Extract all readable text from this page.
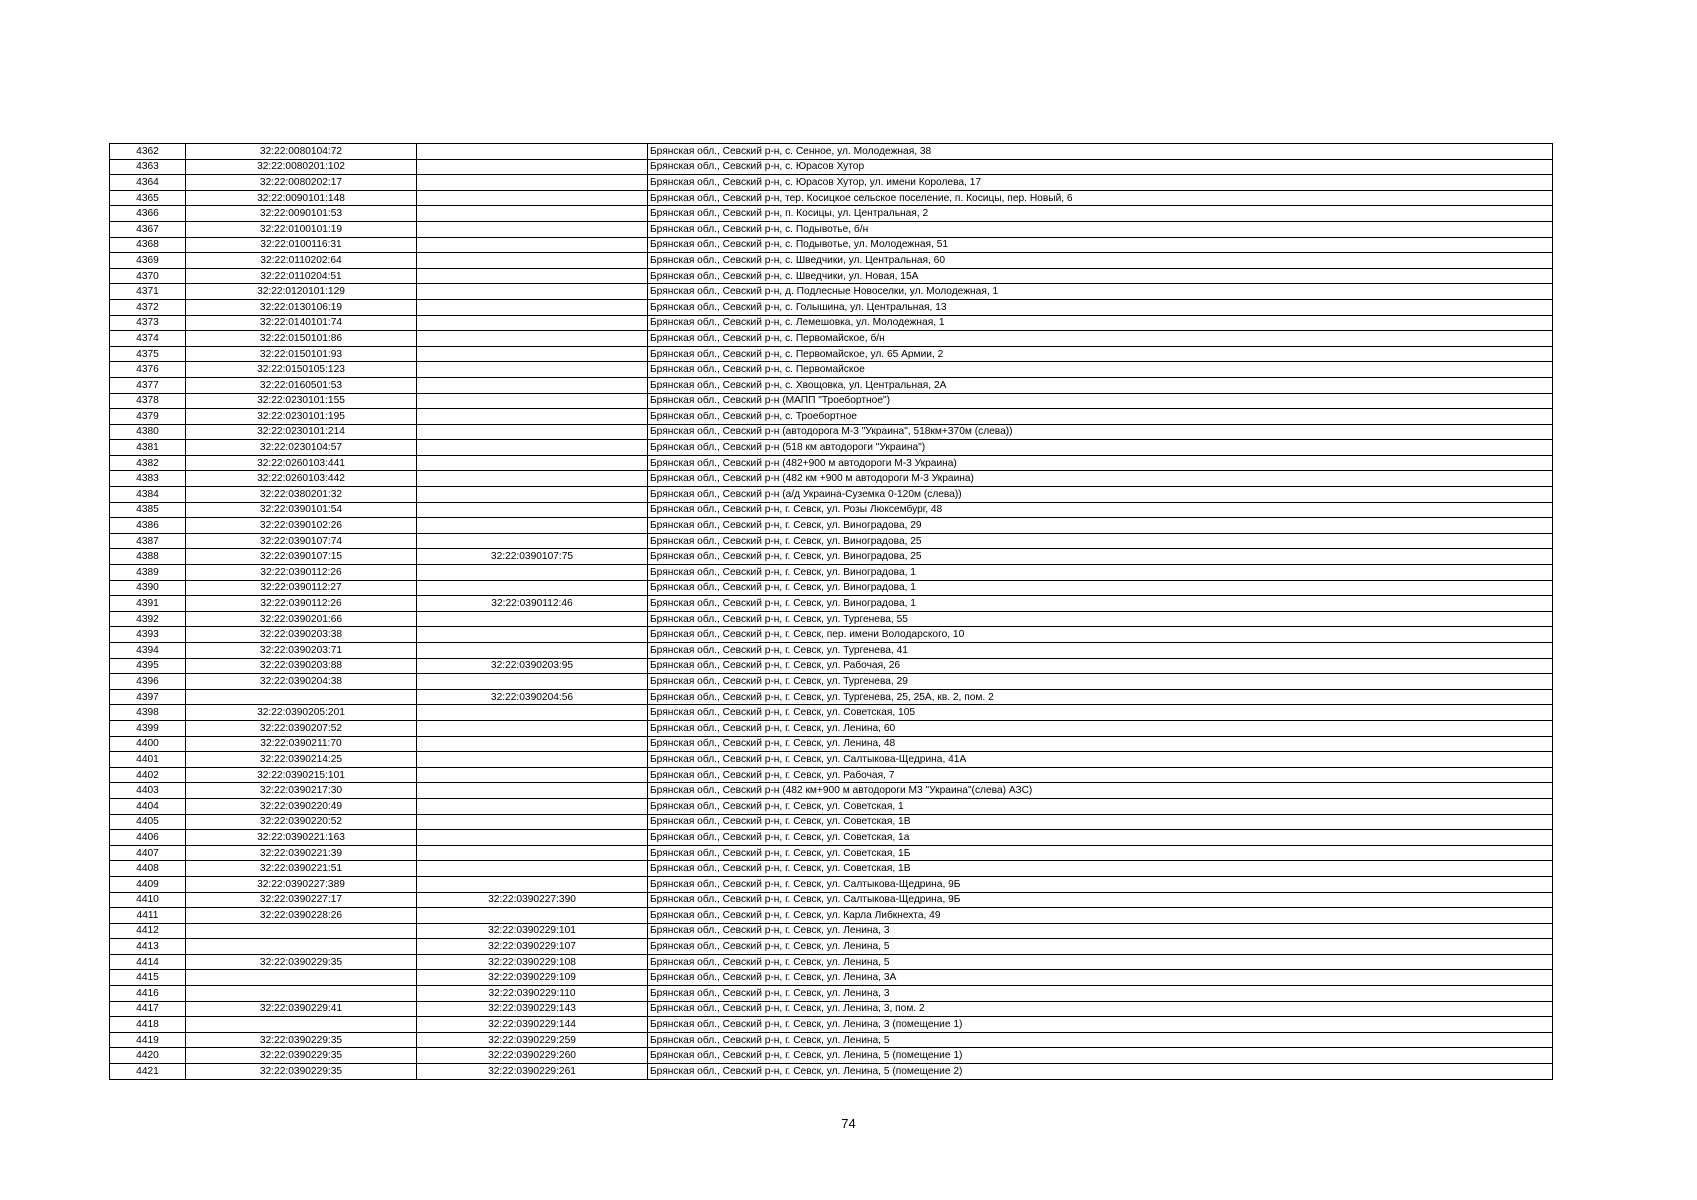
4362	32:22:0080104:72		Брянская обл., Севский р-н, с. Сенное, ул. Молодежная, 38
4363	32:22:0080201:102		Брянская обл., Севский р-н, с. Юрасов Хутор
4364	32:22:0080202:17		Брянская обл., Севский р-н, с. Юрасов Хутор, ул. имени Королева, 17
4365	32:22:0090101:148		Брянская обл., Севский р-н, тер. Косицкое сельское поселение, п. Косицы, пер. Новый, 6
4366	32:22:0090101:53		Брянская обл., Севский р-н, п. Косицы, ул. Центральная, 2
4367	32:22:0100101:19		Брянская обл., Севский р-н, с. Подывотье, б/н
4368	32:22:0100116:31		Брянская обл., Севский р-н, с. Подывотье, ул. Молодежная, 51
4369	32:22:0110202:64		Брянская обл., Севский р-н, с. Шведчики, ул. Центральная, 60
4370	32:22:0110204:51		Брянская обл., Севский р-н, с. Шведчики, ул. Новая, 15А
4371	32:22:0120101:129		Брянская обл., Севский р-н, д. Подлесные Новоселки, ул. Молодежная, 1
4372	32:22:0130106:19		Брянская обл., Севский р-н, с. Голышина, ул. Центральная, 13
4373	32:22:0140101:74		Брянская обл., Севский р-н, с. Лемешовка, ул. Молодежная, 1
4374	32:22:0150101:86		Брянская обл., Севский р-н, с. Первомайское, б/н
4375	32:22:0150101:93		Брянская обл., Севский р-н, с. Первомайское, ул. 65 Армии, 2
4376	32:22:0150105:123		Брянская обл., Севский р-н, с. Первомайское
4377	32:22:0160501:53		Брянская обл., Севский р-н, с. Хвощовка, ул. Центральная, 2А
4378	32:22:0230101:155		Брянская обл., Севский р-н (МАПП "Троебортное")
4379	32:22:0230101:195		Брянская обл., Севский р-н, с. Троебортное
4380	32:22:0230101:214		Брянская обл., Севский р-н (автодорога М-3 "Украина", 518км+370м (слева))
4381	32:22:0230104:57		Брянская обл., Севский р-н (518 км автодороги "Украина")
4382	32:22:0260103:441		Брянская обл., Севский р-н (482+900 м автодороги М-3 Украина)
4383	32:22:0260103:442		Брянская обл., Севский р-н (482 км +900 м автодороги М-3 Украина)
4384	32:22:0380201:32		Брянская обл., Севский р-н (а/д Украина-Суземка 0-120м (слева))
4385	32:22:0390101:54		Брянская обл., Севский р-н, г. Севск, ул. Розы Люксембург, 48
4386	32:22:0390102:26		Брянская обл., Севский р-н, г. Севск, ул. Виноградова, 29
4387	32:22:0390107:74		Брянская обл., Севский р-н, г. Севск, ул. Виноградова, 25
4388	32:22:0390107:15	32:22:0390107:75	Брянская обл., Севский р-н, г. Севск, ул. Виноградова, 25
4389	32:22:0390112:26		Брянская обл., Севский р-н, г. Севск, ул. Виноградова, 1
4390	32:22:0390112:27		Брянская обл., Севский р-н, г. Севск, ул. Виноградова, 1
4391	32:22:0390112:26	32:22:0390112:46	Брянская обл., Севский р-н, г. Севск, ул. Виноградова, 1
4392	32:22:0390201:66		Брянская обл., Севский р-н, г. Севск, ул. Тургенева, 55
4393	32:22:0390203:38		Брянская обл., Севский р-н, г. Севск, пер. имени Володарского, 10
4394	32:22:0390203:71		Брянская обл., Севский р-н, г. Севск, ул. Тургенева, 41
4395	32:22:0390203:88	32:22:0390203:95	Брянская обл., Севский р-н, г. Севск, ул. Рабочая, 26
4396	32:22:0390204:38		Брянская обл., Севский р-н, г. Севск, ул. Тургенева, 29
4397		32:22:0390204:56	Брянская обл., Севский р-н, г. Севск, ул. Тургенева, 25, 25А, кв. 2, пом. 2
4398	32:22:0390205:201		Брянская обл., Севский р-н, г. Севск, ул. Советская, 105
4399	32:22:0390207:52		Брянская обл., Севский р-н, г. Севск, ул. Ленина, 60
4400	32:22:0390211:70		Брянская обл., Севский р-н, г. Севск, ул. Ленина, 48
4401	32:22:0390214:25		Брянская обл., Севский р-н, г. Севск, ул. Салтыкова-Щедрина, 41А
4402	32:22:0390215:101		Брянская обл., Севский р-н, г. Севск, ул. Рабочая, 7
4403	32:22:0390217:30		Брянская обл., Севский р-н (482 км+900 м автодороги М3 "Украина"(слева) АЗС)
4404	32:22:0390220:49		Брянская обл., Севский р-н, г. Севск, ул. Советская, 1
4405	32:22:0390220:52		Брянская обл., Севский р-н, г. Севск, ул. Советская, 1В
4406	32:22:0390221:163		Брянская обл., Севский р-н, г. Севск, ул. Советская, 1а
4407	32:22:0390221:39		Брянская обл., Севский р-н, г. Севск, ул. Советская, 1Б
4408	32:22:0390221:51		Брянская обл., Севский р-н, г. Севск, ул. Советская, 1В
4409	32:22:0390227:389		Брянская обл., Севский р-н, г. Севск, ул. Салтыкова-Щедрина, 9Б
4410	32:22:0390227:17	32:22:0390227:390	Брянская обл., Севский р-н, г. Севск, ул. Салтыкова-Щедрина, 9Б
4411	32:22:0390228:26		Брянская обл., Севский р-н, г. Севск, ул. Карла Либкнехта, 49
4412		32:22:0390229:101	Брянская обл., Севский р-н, г. Севск, ул. Ленина, 3
4413		32:22:0390229:107	Брянская обл., Севский р-н, г. Севск, ул. Ленина, 5
4414	32:22:0390229:35	32:22:0390229:108	Брянская обл., Севский р-н, г. Севск, ул. Ленина, 5
4415		32:22:0390229:109	Брянская обл., Севский р-н, г. Севск, ул. Ленина, 3А
4416		32:22:0390229:110	Брянская обл., Севский р-н, г. Севск, ул. Ленина, 3
4417	32:22:0390229:41	32:22:0390229:143	Брянская обл., Севский р-н, г. Севск, ул. Ленина, 3, пом. 2
4418		32:22:0390229:144	Брянская обл., Севский р-н, г. Севск, ул. Ленина, 3 (помещение 1)
4419	32:22:0390229:35	32:22:0390229:259	Брянская обл., Севский р-н, г. Севск, ул. Ленина, 5
4420	32:22:0390229:35	32:22:0390229:260	Брянская обл., Севский р-н, г. Севск, ул. Ленина, 5 (помещение 1)
4421	32:22:0390229:35	32:22:0390229:261	Брянская обл., Севский р-н, г. Севск, ул. Ленина, 5 (помещение 2)
74
